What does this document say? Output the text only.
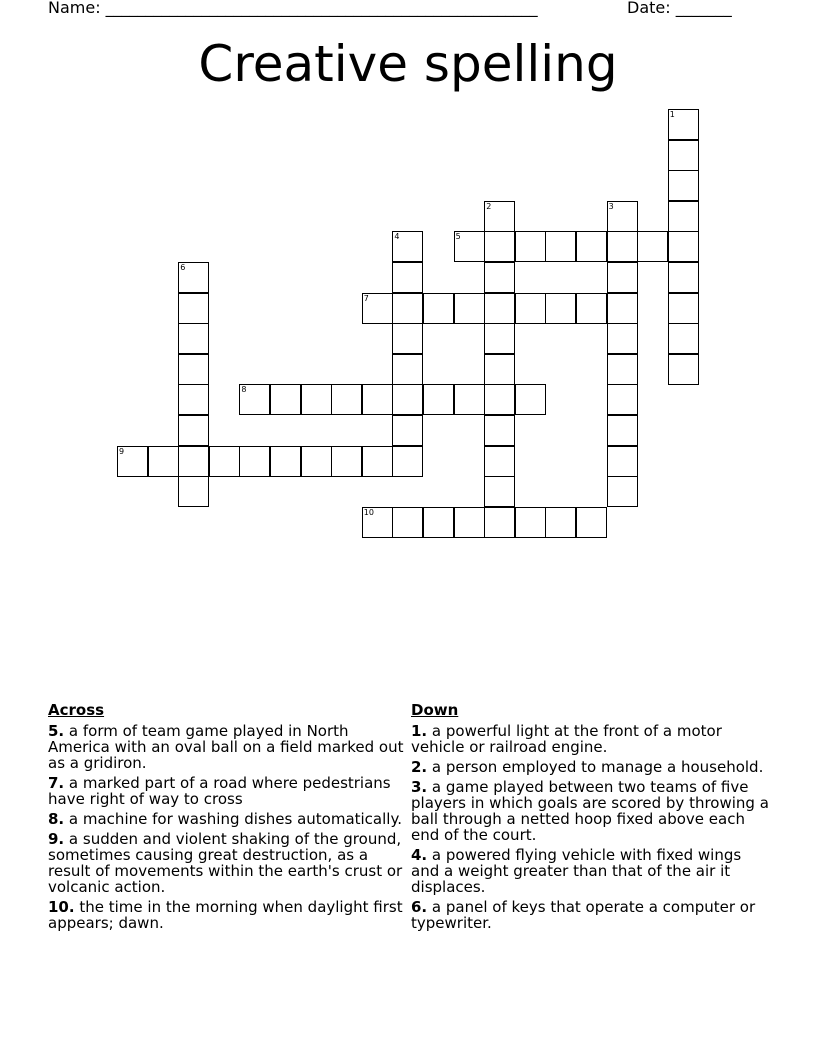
Name: ______________________________________________________	Date: _______
Creative spelling
1
2	3
4	5
6
7
8
9
10
Across
5. a form of team game played in North America with an oval ball on a field marked out as a gridiron.
7. a marked part of a road where pedestrians have right of way to cross
8. a machine for washing dishes automatically.
9. a sudden and violent shaking of the ground, sometimes causing great destruction, as a result of movements within the earth's crust or volcanic action.
10. the time in the morning when daylight first appears; dawn.
Down
1. a powerful light at the front of a motor vehicle or railroad engine.
2. a person employed to manage a household.
3. a game played between two teams of five players in which goals are scored by throwing a ball through a netted hoop fixed above each end of the court.
4. a powered flying vehicle with fixed wings and a weight greater than that of the air it displaces.
6. a panel of keys that operate a computer or typewriter.
